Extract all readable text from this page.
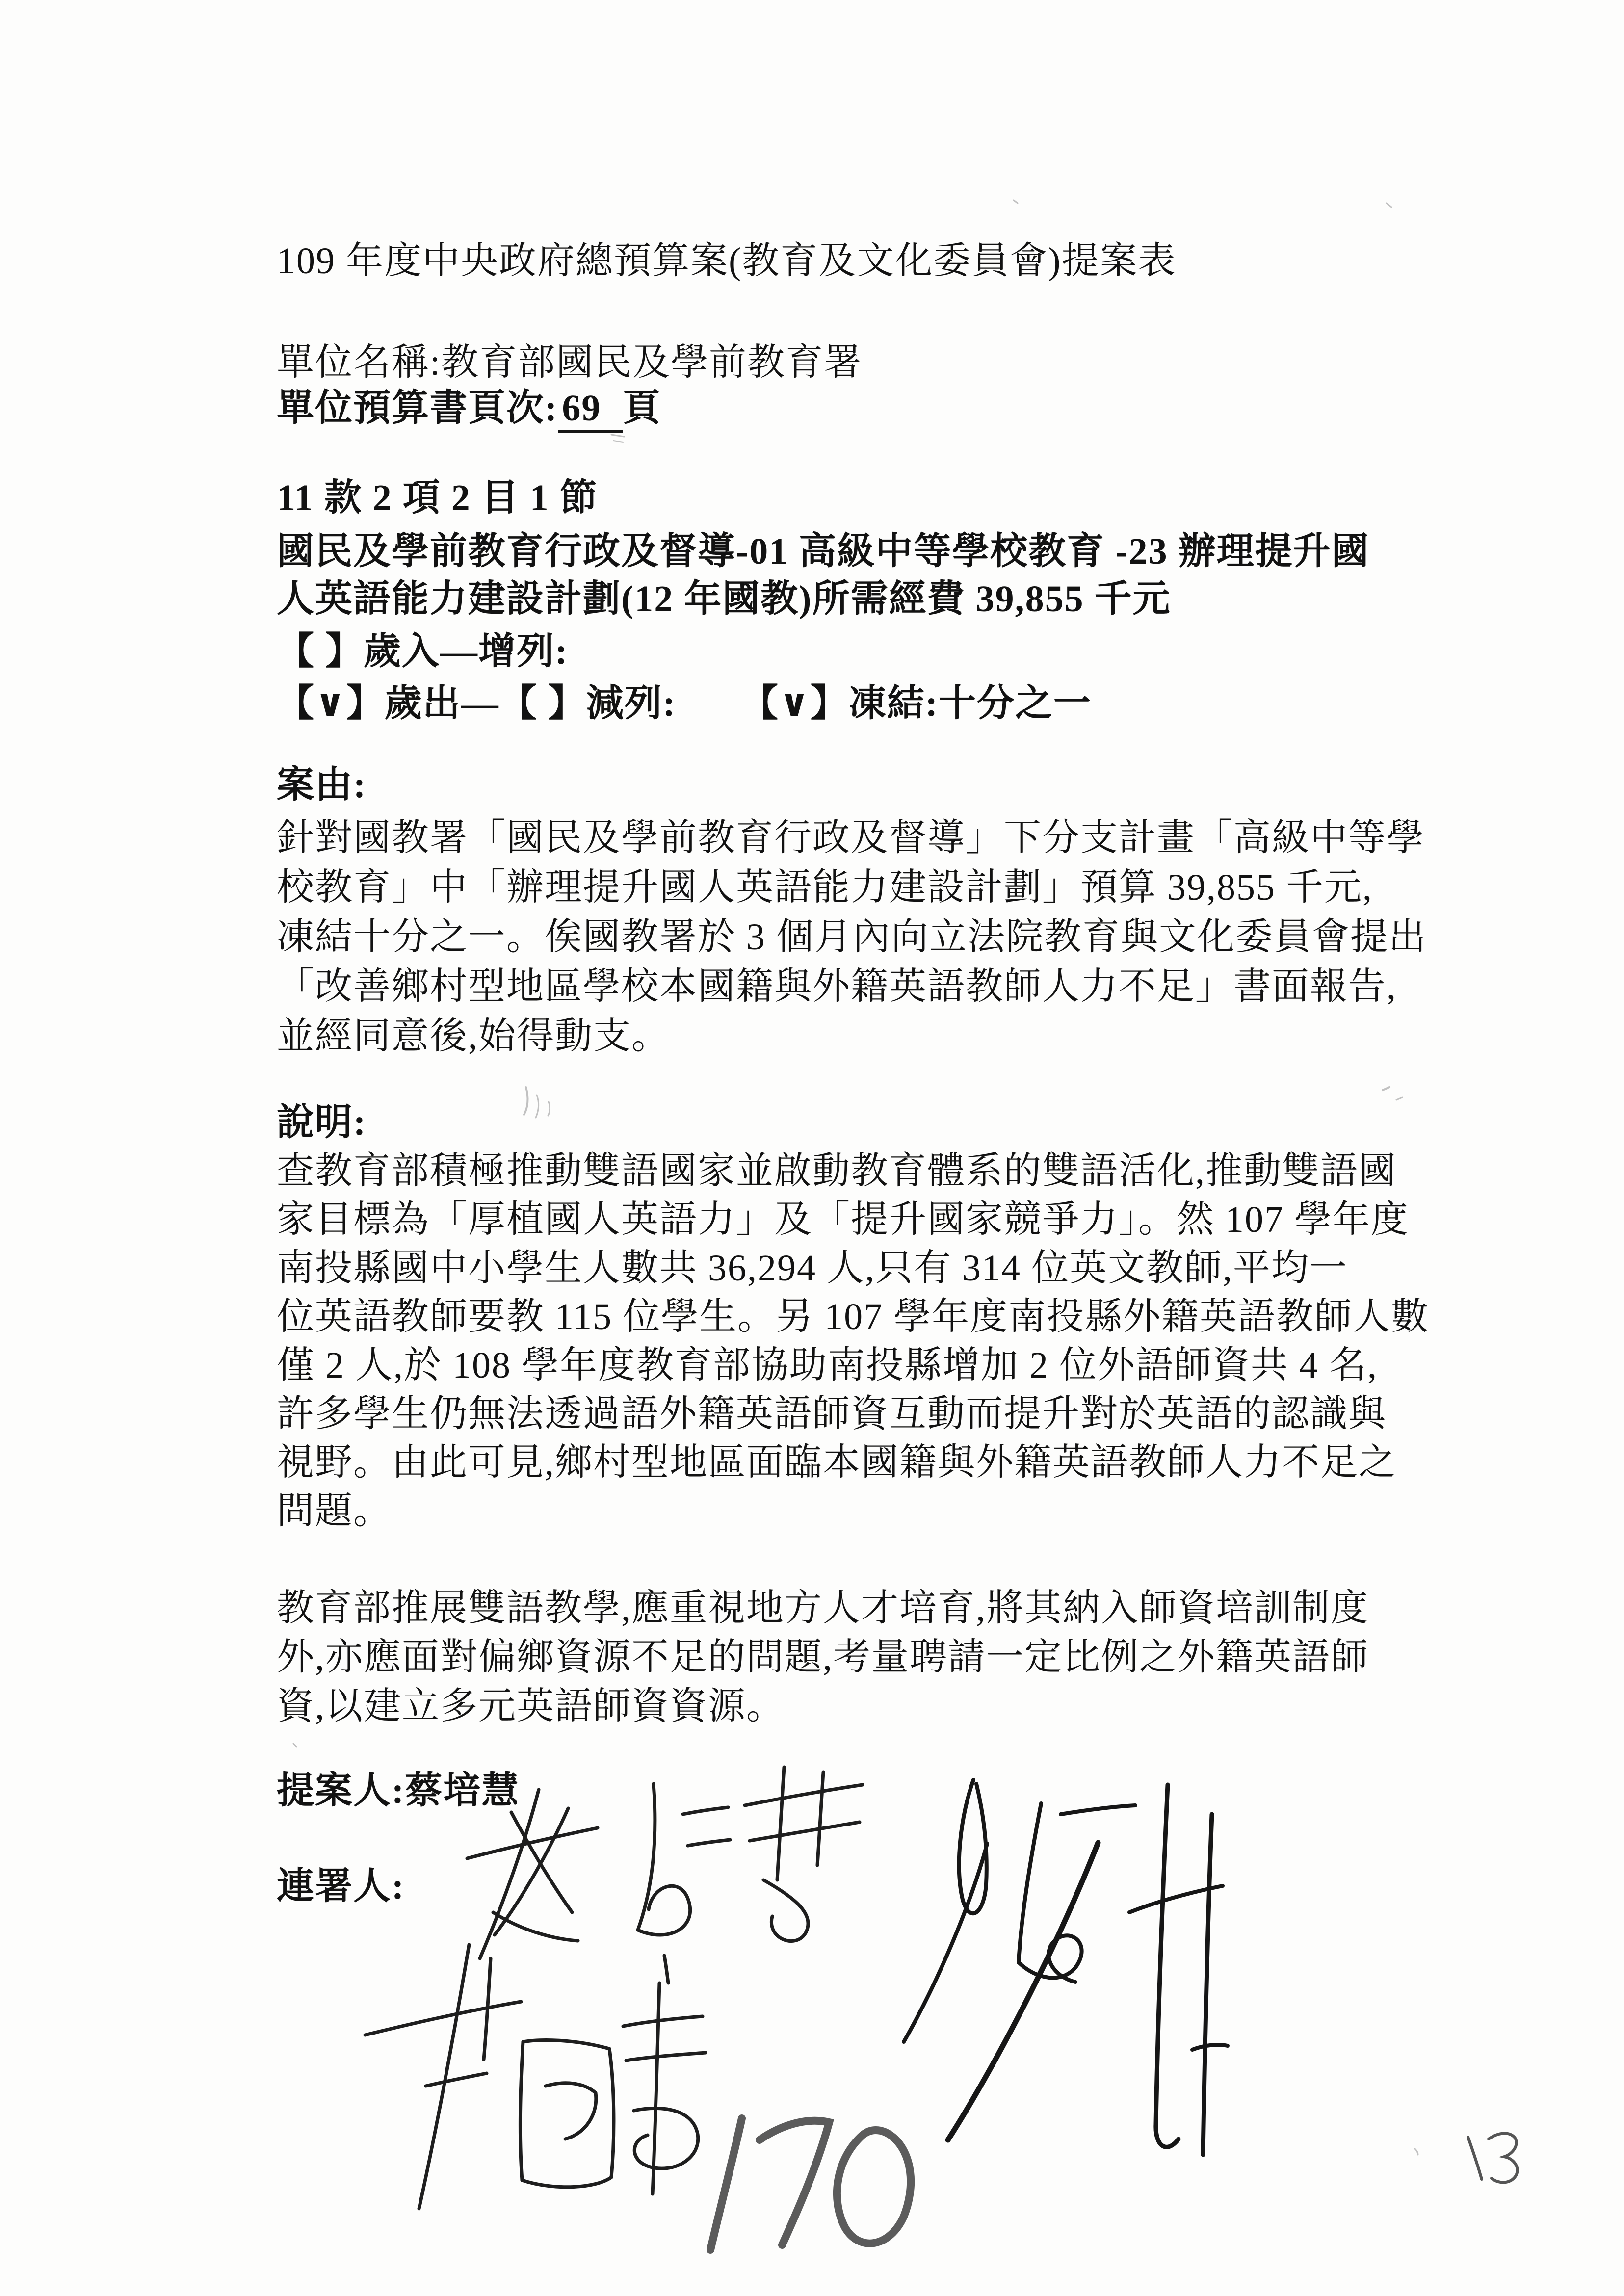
109 年度中央政府總預算案(教育及文化委員會)提案表
單位名稱:教育部國民及學前教育署
單位預算書頁次: 69 頁
11 款 2 項 2 目 1 節
國民及學前教育行政及督導-01 高級中等學校教育 -23 辦理提升國
人英語能力建設計劃(12 年國教)所需經費 39,855 千元
【 】歲入—增列:
【∨】歲出—【 】減列: 【∨】凍結:十分之一
案由:
針對國教署「國民及學前教育行政及督導」下分支計畫「高級中等學
校教育」中「辦理提升國人英語能力建設計劃」預算 39,855 千元,
凍結十分之一。俟國教署於 3 個月內向立法院教育與文化委員會提出
「改善鄉村型地區學校本國籍與外籍英語教師人力不足」書面報告,
並經同意後,始得動支。
說明:
查教育部積極推動雙語國家並啟動教育體系的雙語活化,推動雙語國
家目標為「厚植國人英語力」及「提升國家競爭力」。然 107 學年度
南投縣國中小學生人數共 36,294 人,只有 314 位英文教師,平均一
位英語教師要教 115 位學生。另 107 學年度南投縣外籍英語教師人數
僅 2 人,於 108 學年度教育部協助南投縣增加 2 位外語師資共 4 名,
許多學生仍無法透過語外籍英語師資互動而提升對於英語的認識與
視野。由此可見,鄉村型地區面臨本國籍與外籍英語教師人力不足之
問題。
教育部推展雙語教學,應重視地方人才培育,將其納入師資培訓制度
外,亦應面對偏鄉資源不足的問題,考量聘請一定比例之外籍英語師
資,以建立多元英語師資資源。
提案人:蔡培慧
連署人:
